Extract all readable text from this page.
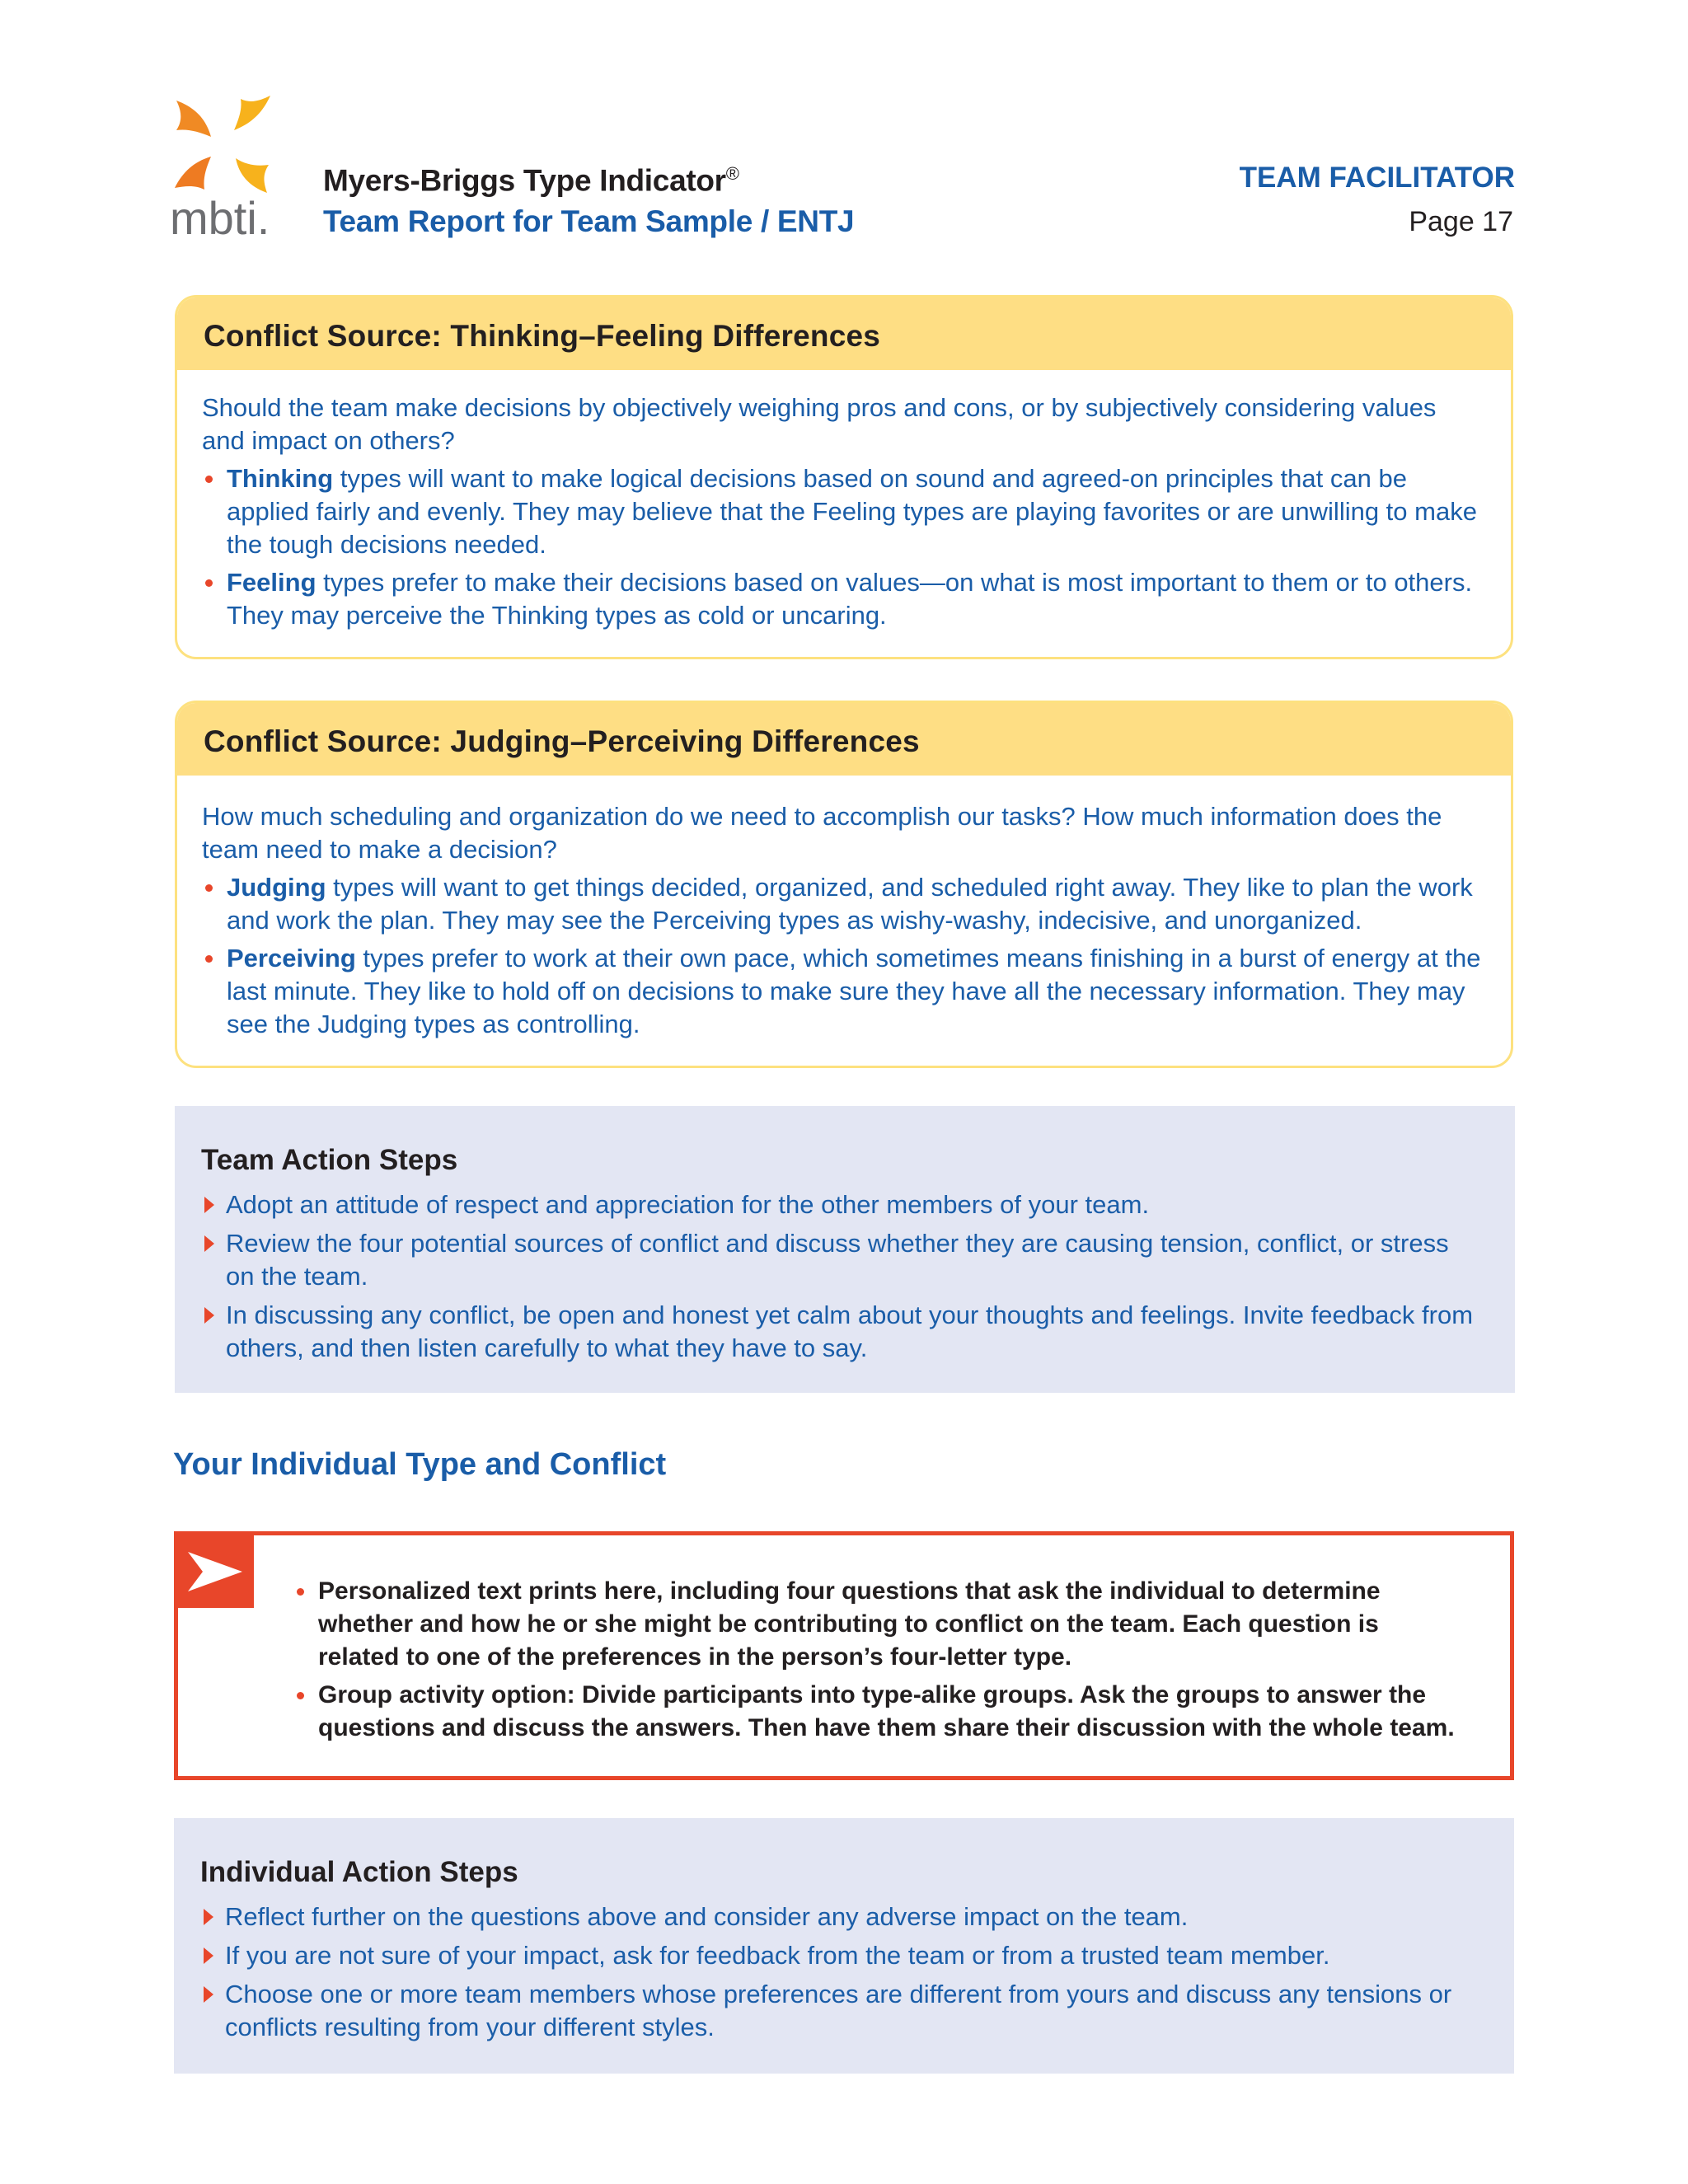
mbti.
Myers-Briggs Type Indicator®
Team Report for Team Sample / ENTJ
TEAM FACILITATOR
Page 17
Conflict Source: Thinking–Feeling Differences

Should the team make decisions by objectively weighing pros and cons, or by subjectively considering values and impact on others?

Thinking types will want to make logical decisions based on sound and agreed-on principles that can be applied fairly and evenly. They may believe that the Feeling types are playing favorites or are unwilling to make the tough decisions needed.
Feeling types prefer to make their decisions based on values—on what is most important to them or to others. They may perceive the Thinking types as cold or uncaring.
Conflict Source: Judging–Perceiving Differences

How much scheduling and organization do we need to accomplish our tasks? How much information does the team need to make a decision?

Judging types will want to get things decided, organized, and scheduled right away. They like to plan the work and work the plan. They may see the Perceiving types as wishy-washy, indecisive, and unorganized.
Perceiving types prefer to work at their own pace, which sometimes means finishing in a burst of energy at the last minute. They like to hold off on decisions to make sure they have all the necessary information. They may see the Judging types as controlling.
Team Action Steps
Adopt an attitude of respect and appreciation for the other members of your team.
Review the four potential sources of conflict and discuss whether they are causing tension, conflict, or stress on the team.
In discussing any conflict, be open and honest yet calm about your thoughts and feelings. Invite feedback from others, and then listen carefully to what they have to say.
Your Individual Type and Conflict
Personalized text prints here, including four questions that ask the individual to determine whether and how he or she might be contributing to conflict on the team. Each question is related to one of the preferences in the person’s four-letter type.
Group activity option: Divide participants into type-alike groups. Ask the groups to answer the questions and discuss the answers. Then have them share their discussion with the whole team.
Individual Action Steps
Reflect further on the questions above and consider any adverse impact on the team.
If you are not sure of your impact, ask for feedback from the team or from a trusted team member.
Choose one or more team members whose preferences are different from yours and discuss any tensions or conflicts resulting from your different styles.
